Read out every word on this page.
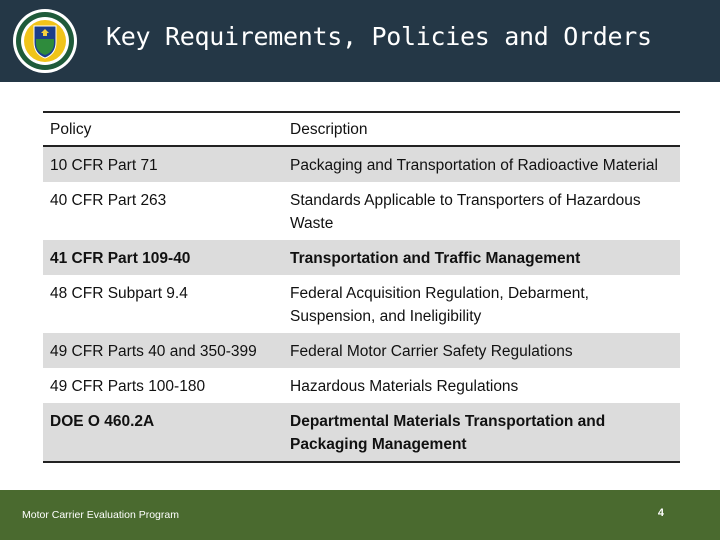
Key Requirements, Policies and Orders
Policy	Description
10 CFR Part 71	Packaging and Transportation of Radioactive Material
40 CFR Part 263	Standards Applicable to Transporters of Hazardous Waste
41 CFR Part 109-40	Transportation and Traffic Management
48 CFR Subpart 9.4	Federal Acquisition Regulation, Debarment, Suspension, and Ineligibility
49 CFR Parts 40 and 350-399	Federal Motor Carrier Safety Regulations
49 CFR Parts 100-180	Hazardous Materials Regulations
DOE O 460.2A	Departmental Materials Transportation and Packaging Management
Motor Carrier Evaluation Program	4
